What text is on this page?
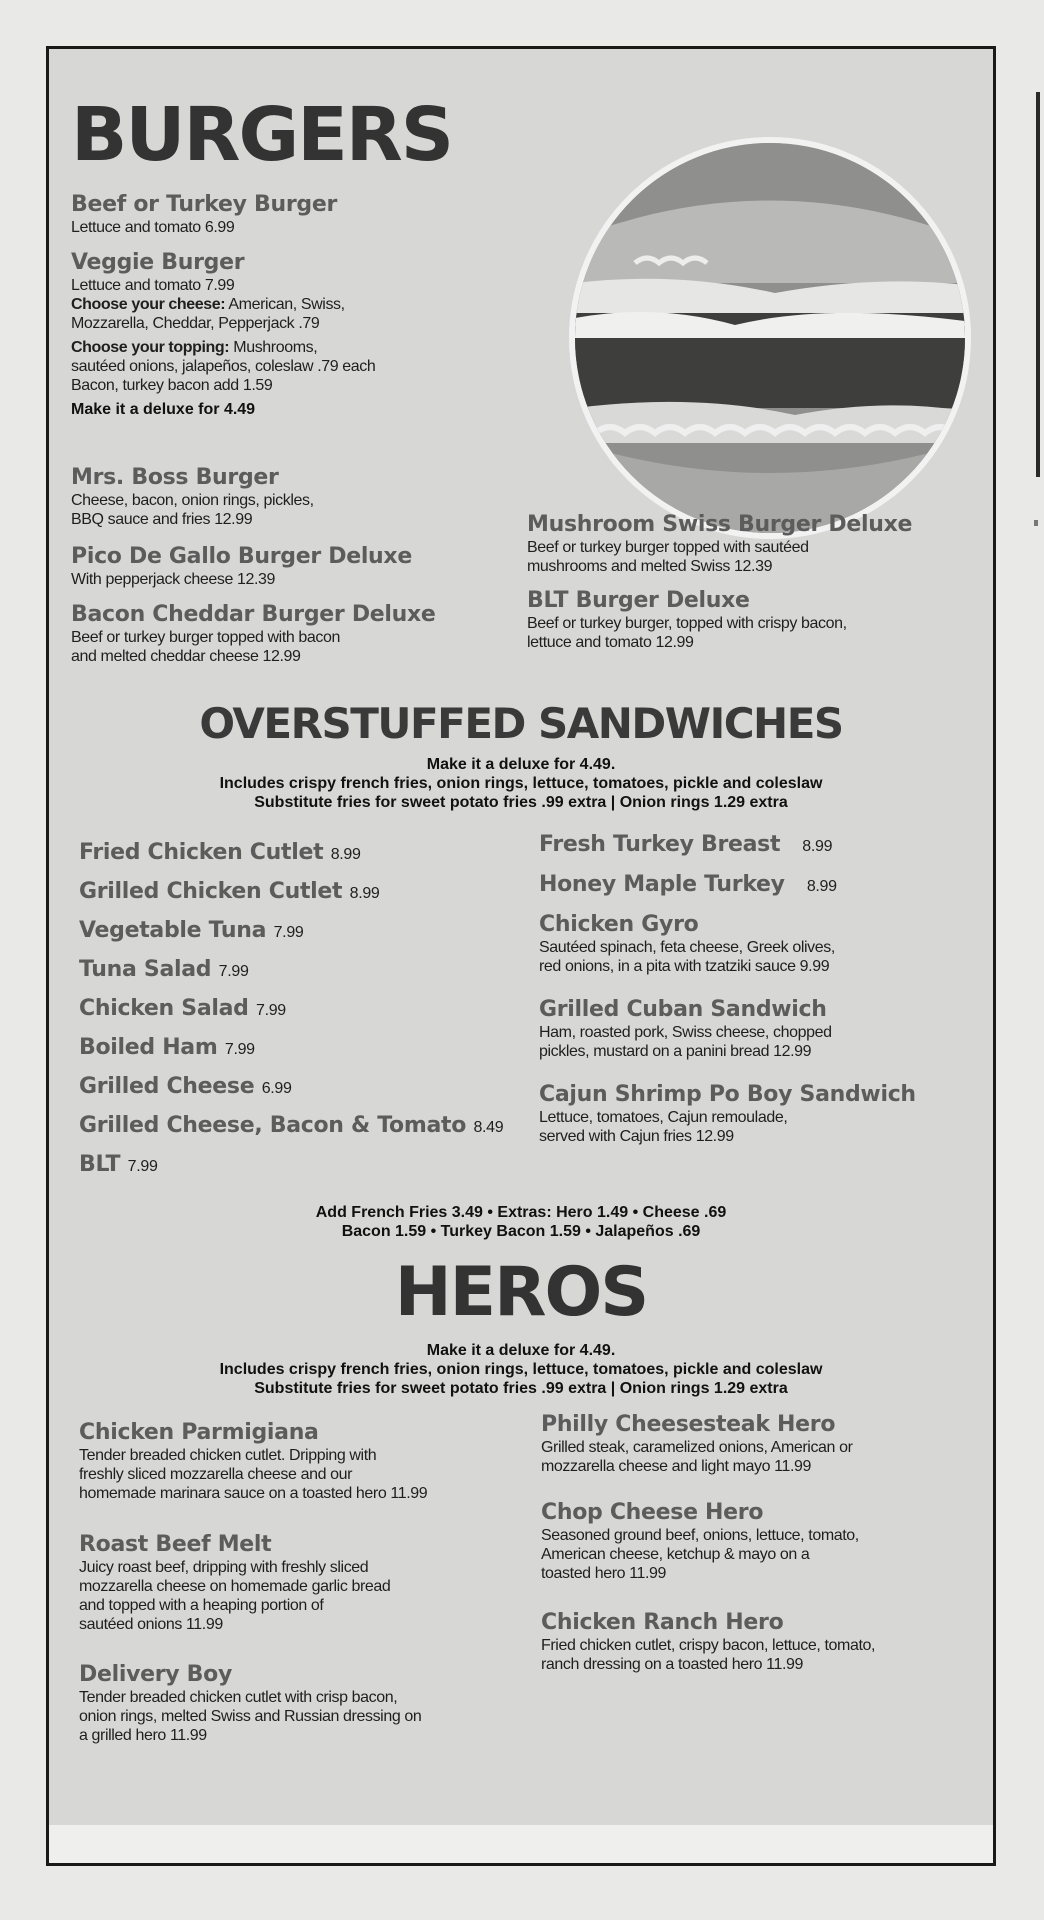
BURGERS
Beef or Turkey Burger
Lettuce and tomato 6.99
Veggie Burger
Lettuce and tomato 7.99
Choose your cheese: American, Swiss,
Mozzarella, Cheddar, Pepperjack .79
Choose your topping: Mushrooms,
sautéed onions, jalapeños, coleslaw .79 each
Bacon, turkey bacon add 1.59
Make it a deluxe for 4.49
Mrs. Boss Burger
Cheese, bacon, onion rings, pickles,
BBQ sauce and fries 12.99
Pico De Gallo Burger Deluxe
With pepperjack cheese 12.39
Bacon Cheddar Burger Deluxe
Beef or turkey burger topped with bacon
and melted cheddar cheese 12.99
Mushroom Swiss Burger Deluxe
Beef or turkey burger topped with sautéed
mushrooms and melted Swiss 12.39
BLT Burger Deluxe
Beef or turkey burger, topped with crispy bacon,
lettuce and tomato 12.99
OVERSTUFFED SANDWICHES
Make it a deluxe for 4.49.
Includes crispy french fries, onion rings, lettuce, tomatoes, pickle and coleslaw
Substitute fries for sweet potato fries .99 extra | Onion rings 1.29 extra
Fried Chicken Cutlet 8.99
Grilled Chicken Cutlet 8.99
Vegetable Tuna 7.99
Tuna Salad 7.99
Chicken Salad 7.99
Boiled Ham 7.99
Grilled Cheese 6.99
Grilled Cheese, Bacon & Tomato 8.49
BLT 7.99
Fresh Turkey Breast 8.99
Honey Maple Turkey 8.99
Chicken Gyro
Sautéed spinach, feta cheese, Greek olives,
red onions, in a pita with tzatziki sauce 9.99
Grilled Cuban Sandwich
Ham, roasted pork, Swiss cheese, chopped
pickles, mustard on a panini bread 12.99
Cajun Shrimp Po Boy Sandwich
Lettuce, tomatoes, Cajun remoulade,
served with Cajun fries 12.99
Add French Fries 3.49 • Extras: Hero 1.49 • Cheese .69
Bacon 1.59 • Turkey Bacon 1.59 • Jalapeños .69
HEROS
Make it a deluxe for 4.49.
Includes crispy french fries, onion rings, lettuce, tomatoes, pickle and coleslaw
Substitute fries for sweet potato fries .99 extra | Onion rings 1.29 extra
Chicken Parmigiana
Tender breaded chicken cutlet. Dripping with
freshly sliced mozzarella cheese and our
homemade marinara sauce on a toasted hero 11.99
Roast Beef Melt
Juicy roast beef, dripping with freshly sliced
mozzarella cheese on homemade garlic bread
and topped with a heaping portion of
sautéed onions 11.99
Delivery Boy
Tender breaded chicken cutlet with crisp bacon,
onion rings, melted Swiss and Russian dressing on
a grilled hero 11.99
Philly Cheesesteak Hero
Grilled steak, caramelized onions, American or
mozzarella cheese and light mayo 11.99
Chop Cheese Hero
Seasoned ground beef, onions, lettuce, tomato,
American cheese, ketchup & mayo on a
toasted hero 11.99
Chicken Ranch Hero
Fried chicken cutlet, crispy bacon, lettuce, tomato,
ranch dressing on a toasted hero 11.99
